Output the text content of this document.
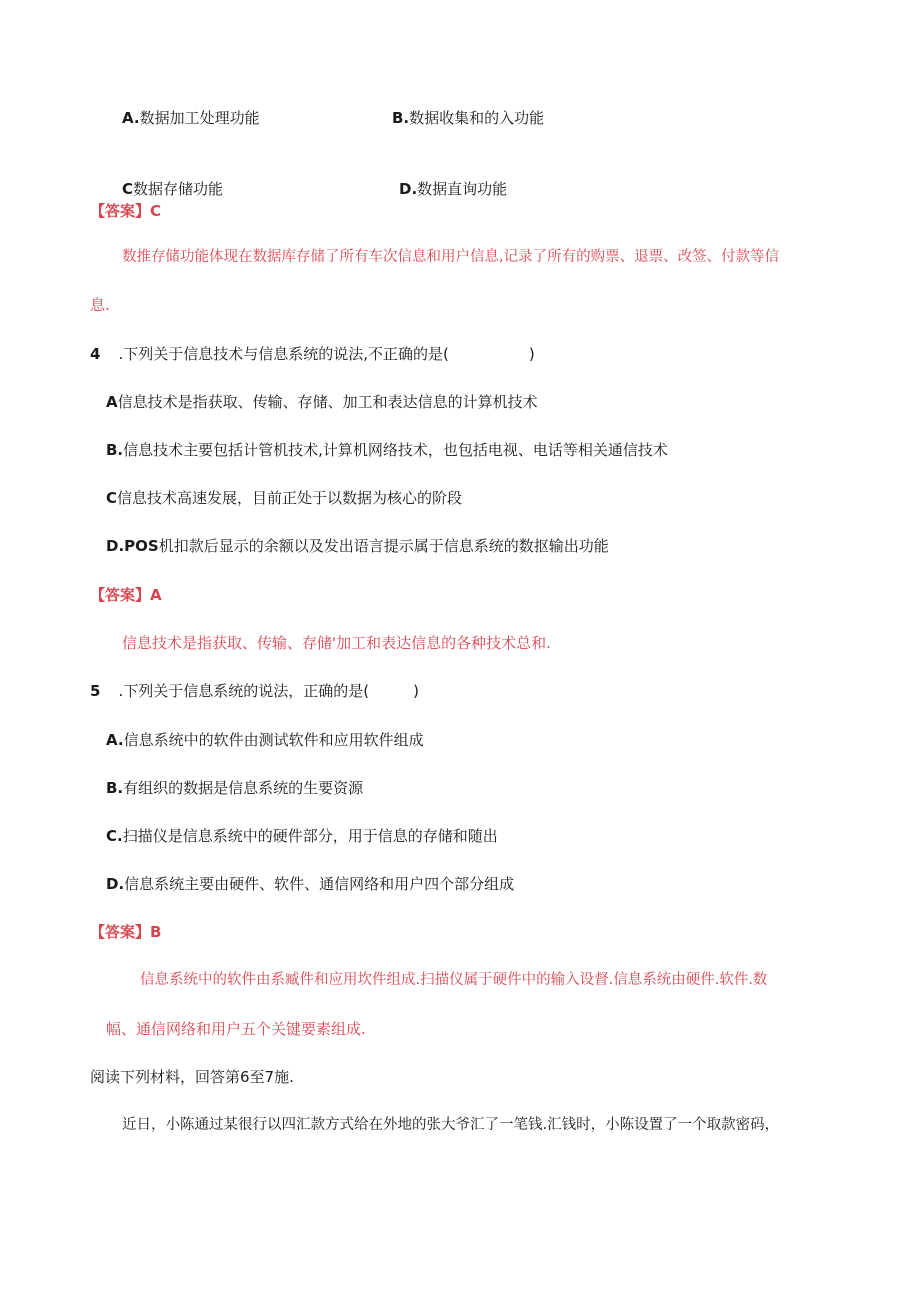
A.数据加工处理功能	B.数据收集和的入功能
C数据存储功能	D.数据直询功能
【答案】C
数推存储功能体现在数据库存储了所有车次信息和用户信息,记录了所有的购票、退票、改签、付款等信
息.
4 .下列关于信息技术与信息系统的说法,不正确的是(	)
A信息技术是指获取、传输、存储、加工和表达信息的计算机技术
B.信息技术主要包括计管机技术,计算机网络技术，也包括电视、电话等相关通信技术
C信息技术高速发展，目前正处于以数据为核心的阶段
D.POS机扣款后显示的余额以及发出语言提示属于信息系统的数抠输出功能
【答案】A
信息技术是指获取、传输、存储'加工和表达信息的各种技术总和.
5 .下列关于信息系统的说法，正确的是(	)
A.信息系统中的软件由测试软件和应用软件组成
B.有组织的数据是信息系统的生要资源
C.扫描仪是信息系统中的硬件部分，用于信息的存储和随出
D.信息系统主要由硬件、软件、通信网络和用户四个部分组成
【答案】B
信息系统中的软件由系臧件和应用坎件组成.扫描仪属于硬件中的输入设督.信息系统由硬件.软件.数
幅、通信网络和用户五个关键要素组成.
阅读下列材料，回答第6至7施.
近日，小陈通过某很行以四汇款方式给在外地的张大爷汇了一笔钱.汇钱时，小陈设置了一个取款密码，
